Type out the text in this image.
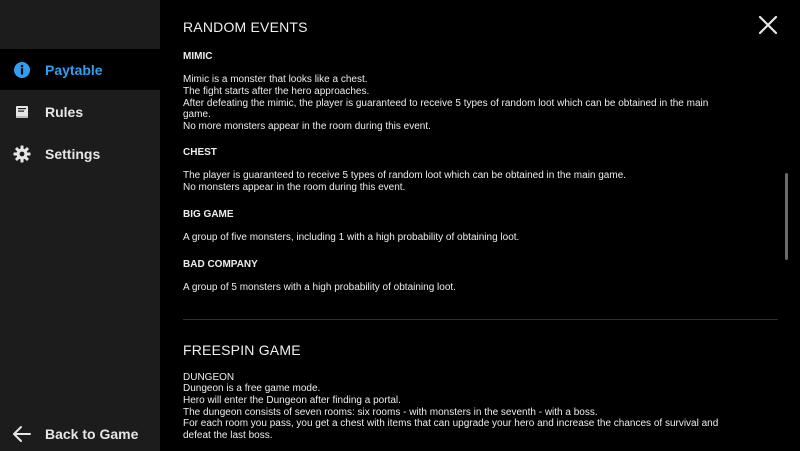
Paytable
Rules
Settings
Back to Game
RANDOM EVENTS
MIMIC
Mimic is a monster that looks like a chest.
The fight starts after the hero approaches.
After defeating the mimic, the player is guaranteed to receive 5 types of random loot which can be obtained in the main
game.
No more monsters appear in the room during this event.
CHEST
The player is guaranteed to receive 5 types of random loot which can be obtained in the main game.
No monsters appear in the room during this event.
BIG GAME
A group of five monsters, including 1 with a high probability of obtaining loot.
BAD COMPANY
A group of 5 monsters with a high probability of obtaining loot.
FREESPIN GAME
DUNGEON
Dungeon is a free game mode.
Hero will enter the Dungeon after finding a portal.
The dungeon consists of seven rooms: six rooms - with monsters in the seventh - with a boss.
For each room you pass, you get a chest with items that can upgrade your hero and increase the chances of survival and
defeat the last boss.
